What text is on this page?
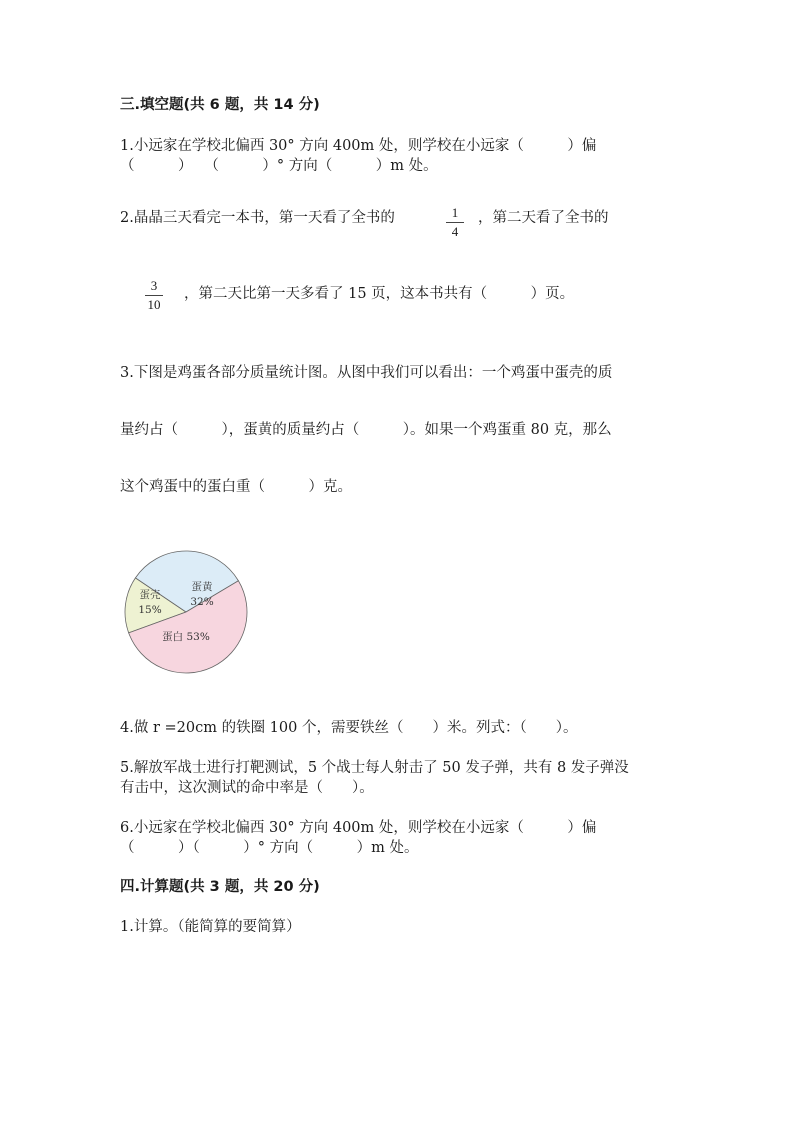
三.填空题(共 6 题，共 14 分)
1.小远家在学校北偏西 30° 方向 400m 处，则学校在小远家（　　　）偏
（　　　）　 （　　　）° 方向（　　　）m 处。
2.晶晶三天看完一本书，第一天看了全书的	1
4
，第二天看了全书的
3
10
，第二天比第一天多看了 15 页，这本书共有（　　　）页。
3.下图是鸡蛋各部分质量统计图。从图中我们可以看出：一个鸡蛋中蛋壳的质
量约占（　　　），蛋黄的质量约占（　　　）。如果一个鸡蛋重 80 克，那么
这个鸡蛋中的蛋白重（　　　）克。
蛋壳
15%
蛋黄
32%
蛋白 53%
4.做 r =20cm 的铁圈 100 个，需要铁丝（　　）米。列式：（　　）。
5.解放军战士进行打靶测试，5 个战士每人射击了 50 发子弹，共有 8 发子弹没
有击中，这次测试的命中率是（　　）。
6.小远家在学校北偏西 30° 方向 400m 处，则学校在小远家（　　　）偏
（　　　）（　　　）° 方向（　　　）m 处。
四.计算题(共 3 题，共 20 分)
1.计算。（能简算的要简算）
